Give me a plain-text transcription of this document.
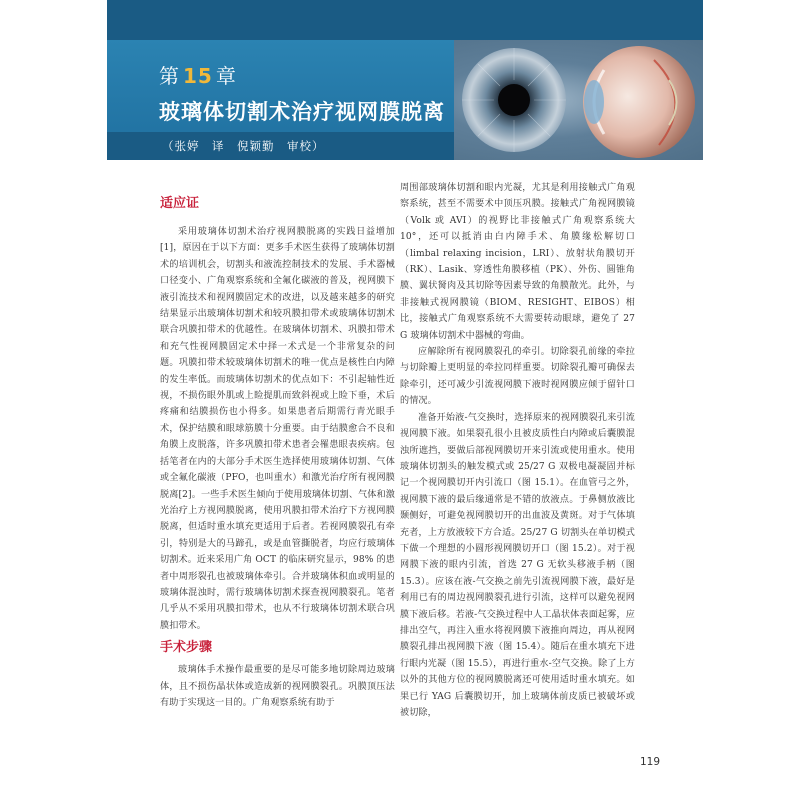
第 15 章
玻璃体切割术治疗视网膜脱离
（张婷　译　倪颖勤　审校）
适应证

采用玻璃体切割术治疗视网膜脱离的实践日益增加[1]，原因在于以下方面：更多手术医生获得了玻璃体切割术的培训机会，切割头和液流控制技术的发展、手术器械口径变小、广角观察系统和全氟化碳液的普及，视网膜下液引流技术和视网膜固定术的改进，以及越来越多的研究结果显示出玻璃体切割术和较巩膜扣带术或玻璃体切割术联合巩膜扣带术的优越性。在玻璃体切割术、巩膜扣带术和充气性视网膜固定术中择一术式是一个非常复杂的问题。巩膜扣带术较玻璃体切割术的唯一优点是核性白内障的发生率低。而玻璃体切割术的优点如下：不引起轴性近视，不损伤眼外肌或上睑提肌而致斜视或上睑下垂，术后疼痛和结膜损伤也小得多。如果患者后期需行青光眼手术，保护结膜和眼球筋膜十分重要。由于结膜愈合不良和角膜上皮脱落，许多巩膜扣带术患者会罹患眼表疾病。包括笔者在内的大部分手术医生选择使用玻璃体切割、气体或全氟化碳液（PFO，也叫重水）和激光治疗所有视网膜脱离[2]。一些手术医生倾向于使用玻璃体切割、气体和激光治疗上方视网膜脱离，使用巩膜扣带术治疗下方视网膜脱离，但适时重水填充更适用于后者。若视网膜裂孔有牵引，特别是大的马蹄孔，或是血管撕脱者，均应行玻璃体切割术。近来采用广角 OCT 的临床研究显示，98% 的患者中周形裂孔也被玻璃体牵引。合并玻璃体积血或明显的玻璃体混浊时，需行玻璃体切割术探查视网膜裂孔。笔者几乎从不采用巩膜扣带术，也从不行玻璃体切割术联合巩膜扣带术。

手术步骤

玻璃体手术操作最重要的是尽可能多地切除周边玻璃体，且不损伤晶状体或造成新的视网膜裂孔。巩膜顶压法有助于实现这一目的。广角观察系统有助于

周围部玻璃体切割和眼内光凝，尤其是利用接触式广角观察系统，甚至不需要术中顶压巩膜。接触式广角视网膜镜（Volk 或 AVI）的视野比非接触式广角观察系统大 10°，还可以抵消由白内障手术、角膜缘松解切口（limbal relaxing incision，LRI）、放射状角膜切开（RK）、Lasik、穿透性角膜移植（PK）、外伤、圆锥角膜、翼状胬肉及其切除等因素导致的角膜散光。此外，与非接触式视网膜镜（BIOM、RESIGHT、EIBOS）相比，接触式广角观察系统不大需要转动眼球，避免了 27 G 玻璃体切割术中器械的弯曲。

应解除所有视网膜裂孔的牵引。切除裂孔前缘的牵拉与切除瓣上更明显的牵拉同样重要。切除裂孔瓣可确保去除牵引，还可减少引流视网膜下液时视网膜应倾于留针口的情况。

准备开始液-气交换时，选择原来的视网膜裂孔来引流视网膜下液。如果裂孔很小且被皮质性白内障或后囊膜混浊所遮挡，要做后部视网膜切开来引流或使用重水。使用玻璃体切割头的触发模式或 25/27 G 双极电凝凝固并标记一个视网膜切开内引流口（图 15.1）。在血管弓之外，视网膜下液的最后缘通常是不错的放液点。于鼻侧放液比颞侧好，可避免视网膜切开的出血波及黄斑。对于气体填充者，上方放液较下方合适。25/27 G 切割头在单切模式下做一个理想的小圆形视网膜切开口（图 15.2）。对于视网膜下液的眼内引流，首选 27 G 无软头移液手柄（图 15.3）。应该在液-气交换之前先引流视网膜下液，最好是利用已有的周边视网膜裂孔进行引流，这样可以避免视网膜下液后移。若液-气交换过程中人工晶状体表面起雾，应排出空气，再注入重水将视网膜下液推向周边，再从视网膜裂孔排出视网膜下液（图 15.4）。随后在重水填充下进行眼内光凝（图 15.5），再进行重水-空气交换。除了上方以外的其他方位的视网膜脱离还可使用适时重水填充。如果已行 YAG 后囊膜切开，加上玻璃体前皮质已被破坏或被切除，

119
